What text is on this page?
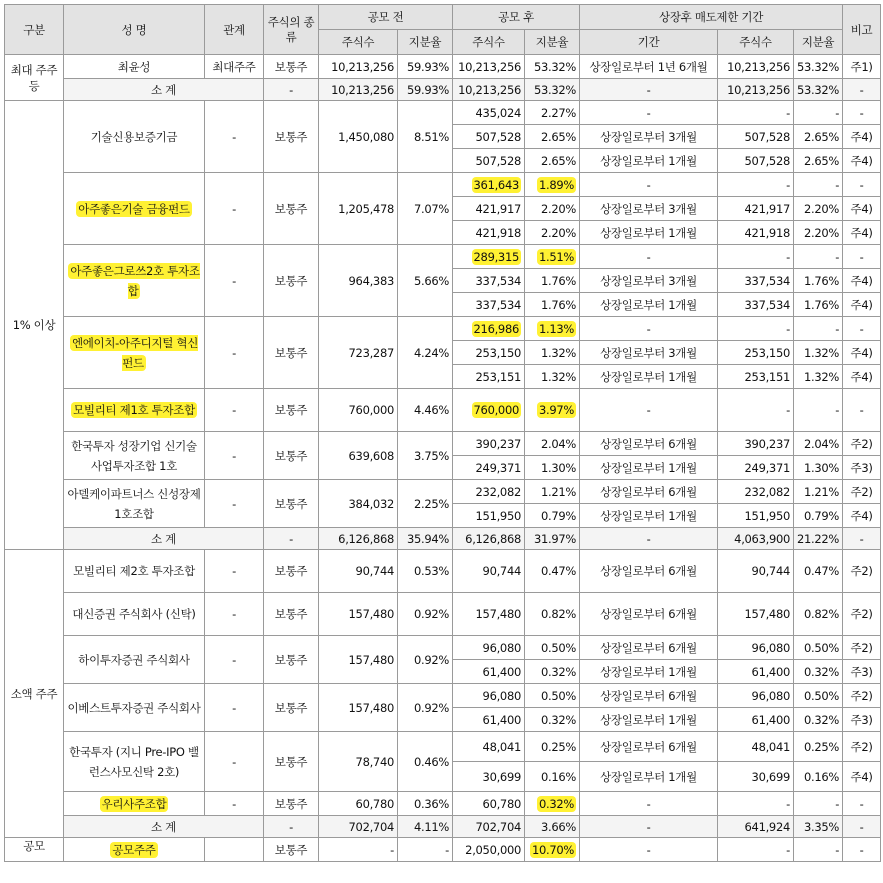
구분	성 명	관계	주식의 종류	공모 전		공모 후		상장후 매도제한 기간			비고
				주식수	지분율	주식수	지분율	기간	주식수	지분율	
최대 주주등	최윤성	최대주주	보통주	10,213,256	59.93%	10,213,256	53.32%	상장일로부터 1년 6개월	10,213,256	53.32%	주1)
	소 계		-	10,213,256	59.93%	10,213,256	53.32%	-	10,213,256	53.32%	-
1% 이상	기술신용보증기금	-	보통주	1,450,080	8.51%	435,024	2.27%	-	-	-	-
						507,528	2.65%	상장일로부터 3개월	507,528	2.65%	주4)
						507,528	2.65%	상장일로부터 1개월	507,528	2.65%	주4)
	아주좋은기술 금융펀드	-	보통주	1,205,478	7.07%	361,643	1.89%	-	-	-	-
						421,917	2.20%	상장일로부터 3개월	421,917	2.20%	주4)
						421,918	2.20%	상장일로부터 1개월	421,918	2.20%	주4)
	아주좋은그로쓰2호 투자조합	-	보통주	964,383	5.66%	289,315	1.51%	-	-	-	-
						337,534	1.76%	상장일로부터 3개월	337,534	1.76%	주4)
						337,534	1.76%	상장일로부터 1개월	337,534	1.76%	주4)
	엔에이치-아주디지털 혁신펀드	-	보통주	723,287	4.24%	216,986	1.13%	-	-	-	-
						253,150	1.32%	상장일로부터 3개월	253,150	1.32%	주4)
						253,151	1.32%	상장일로부터 1개월	253,151	1.32%	주4)
	모빌리티 제1호 투자조합	-	보통주	760,000	4.46%	760,000	3.97%	-	-	-	-
	한국투자 성장기업 신기술사업투자조합 1호	-	보통주	639,608	3.75%	390,237	2.04%	상장일로부터 6개월	390,237	2.04%	주2)
						249,371	1.30%	상장일로부터 1개월	249,371	1.30%	주3)
	아델케이파트너스 신성장제1호조합	-	보통주	384,032	2.25%	232,082	1.21%	상장일로부터 6개월	232,082	1.21%	주2)
						151,950	0.79%	상장일로부터 1개월	151,950	0.79%	주4)
	소 계		-	6,126,868	35.94%	6,126,868	31.97%	-	4,063,900	21.22%	-
소액 주주	모빌리티 제2호 투자조합	-	보통주	90,744	0.53%	90,744	0.47%	상장일로부터 6개월	90,744	0.47%	주2)
	대신증권 주식회사 (신탁)	-	보통주	157,480	0.92%	157,480	0.82%	상장일로부터 6개월	157,480	0.82%	주2)
	하이투자증권 주식회사	-	보통주	157,480	0.92%	96,080	0.50%	상장일로부터 6개월	96,080	0.50%	주2)
						61,400	0.32%	상장일로부터 1개월	61,400	0.32%	주3)
	이베스트투자증권 주식회사	-	보통주	157,480	0.92%	96,080	0.50%	상장일로부터 6개월	96,080	0.50%	주2)
						61,400	0.32%	상장일로부터 1개월	61,400	0.32%	주3)
	한국투자 (지니 Pre-IPO 밸런스사모신탁 2호)	-	보통주	78,740	0.46%	48,041	0.25%	상장일로부터 6개월	48,041	0.25%	주2)
						30,699	0.16%	상장일로부터 1개월	30,699	0.16%	주4)
	우리사주조합	-	보통주	60,780	0.36%	60,780	0.32%	-	-	-	-
	소 계		-	702,704	4.11%	702,704	3.66%	-	641,924	3.35%	-
공모	공모주주		보통주	-	-	2,050,000	10.70%	-	-	-	-
